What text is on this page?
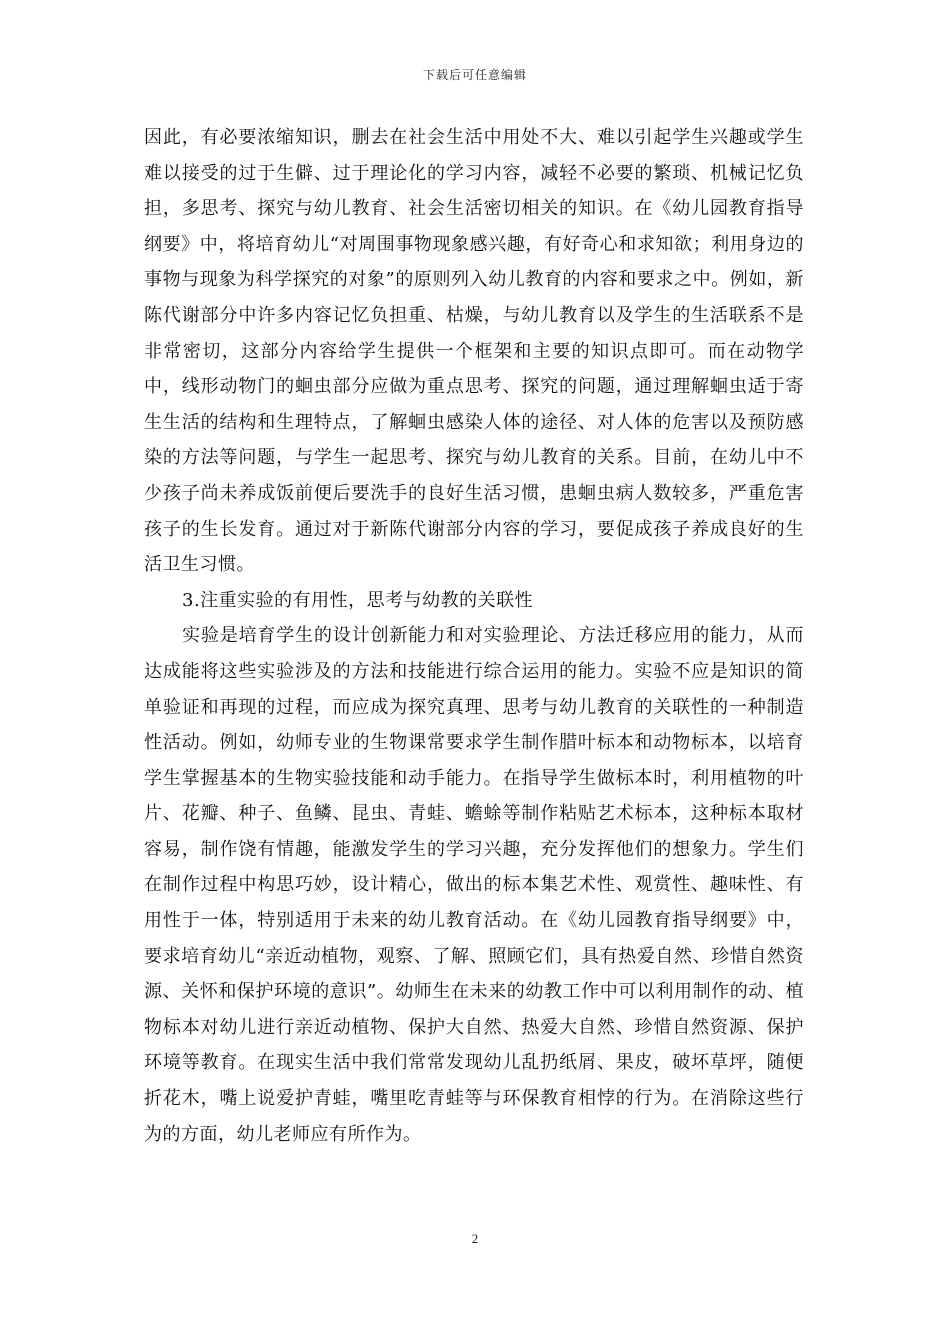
下载后可任意编辑

因此，有必要浓缩知识，删去在社会生活中用处不大、难以引起学生兴趣或学生难以接受的过于生僻、过于理论化的学习内容，减轻不必要的繁琐、机械记忆负担，多思考、探究与幼儿教育、社会生活密切相关的知识。在《幼儿园教育指导纲要》中，将培育幼儿“对周围事物现象感兴趣，有好奇心和求知欲；利用身边的事物与现象为科学探究的对象”的原则列入幼儿教育的内容和要求之中。例如，新陈代谢部分中许多内容记忆负担重、枯燥，与幼儿教育以及学生的生活联系不是非常密切，这部分内容给学生提供一个框架和主要的知识点即可。而在动物学中，线形动物门的蛔虫部分应做为重点思考、探究的问题，通过理解蛔虫适于寄生生活的结构和生理特点，了解蛔虫感染人体的途径、对人体的危害以及预防感染的方法等问题，与学生一起思考、探究与幼儿教育的关系。目前，在幼儿中不少孩子尚未养成饭前便后要洗手的良好生活习惯，患蛔虫病人数较多，严重危害孩子的生长发育。通过对于新陈代谢部分内容的学习，要促成孩子养成良好的生活卫生习惯。

3.注重实验的有用性，思考与幼教的关联性

实验是培育学生的设计创新能力和对实验理论、方法迁移应用的能力，从而达成能将这些实验涉及的方法和技能进行综合运用的能力。实验不应是知识的简单验证和再现的过程，而应成为探究真理、思考与幼儿教育的关联性的一种制造性活动。例如，幼师专业的生物课常要求学生制作腊叶标本和动物标本，以培育学生掌握基本的生物实验技能和动手能力。在指导学生做标本时，利用植物的叶片、花瓣、种子、鱼鳞、昆虫、青蛙、蟾蜍等制作粘贴艺术标本，这种标本取材容易，制作饶有情趣，能激发学生的学习兴趣，充分发挥他们的想象力。学生们在制作过程中构思巧妙，设计精心，做出的标本集艺术性、观赏性、趣味性、有用性于一体，特别适用于未来的幼儿教育活动。在《幼儿园教育指导纲要》中，要求培育幼儿“亲近动植物，观察、了解、照顾它们，具有热爱自然、珍惜自然资源、关怀和保护环境的意识”。幼师生在未来的幼教工作中可以利用制作的动、植物标本对幼儿进行亲近动植物、保护大自然、热爱大自然、珍惜自然资源、保护环境等教育。在现实生活中我们常常发现幼儿乱扔纸屑、果皮，破坏草坪，随便折花木，嘴上说爱护青蛙，嘴里吃青蛙等与环保教育相悖的行为。在消除这些行为的方面，幼儿老师应有所作为。

2
